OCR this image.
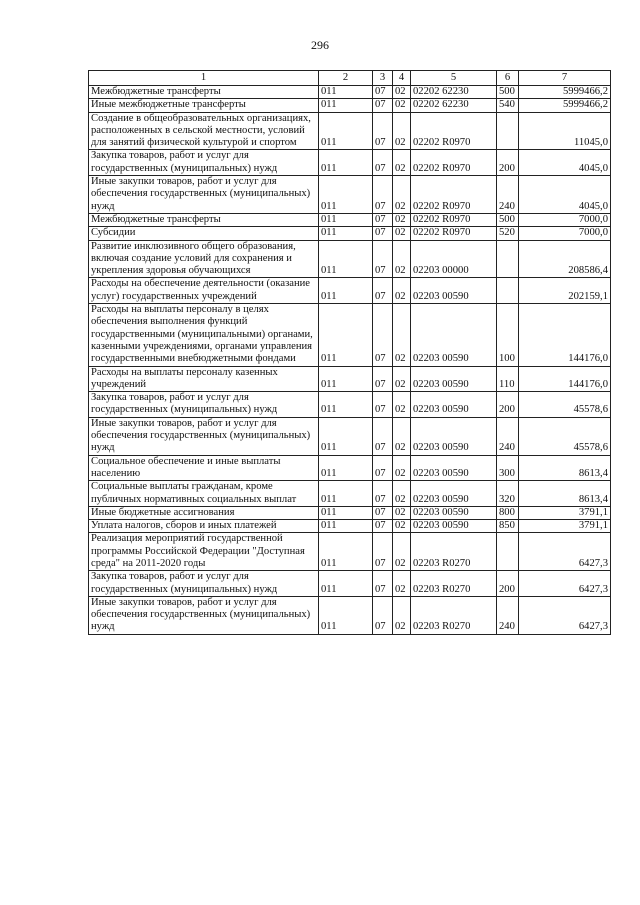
296
1	2	3	4	5	6	7
Межбюджетные трансферты	011	07	02	02202 62230	500	5999466,2
Иные межбюджетные трансферты	011	07	02	02202 62230	540	5999466,2
Создание в общеобразовательных организациях, расположенных в сельской местности, условий для занятий физической культурой и спортом	011	07	02	02202 R0970		11045,0
Закупка товаров, работ и услуг для государственных (муниципальных) нужд	011	07	02	02202 R0970	200	4045,0
Иные закупки товаров, работ и услуг для обеспечения государственных (муниципальных) нужд	011	07	02	02202 R0970	240	4045,0
Межбюджетные трансферты	011	07	02	02202 R0970	500	7000,0
Субсидии	011	07	02	02202 R0970	520	7000,0
Развитие инклюзивного общего образования, включая создание условий для сохранения и укрепления здоровья обучающихся	011	07	02	02203 00000		208586,4
Расходы на обеспечение деятельности (оказание услуг) государственных учреждений	011	07	02	02203 00590		202159,1
Расходы на выплаты персоналу в целях обеспечения выполнения функций государственными (муниципальными) органами, казенными учреждениями, органами управления государственными внебюджетными фондами	011	07	02	02203 00590	100	144176,0
Расходы на выплаты персоналу казенных учреждений	011	07	02	02203 00590	110	144176,0
Закупка товаров, работ и услуг для государственных (муниципальных) нужд	011	07	02	02203 00590	200	45578,6
Иные закупки товаров, работ и услуг для обеспечения государственных (муниципальных) нужд	011	07	02	02203 00590	240	45578,6
Социальное обеспечение и иные выплаты населению	011	07	02	02203 00590	300	8613,4
Социальные выплаты гражданам, кроме публичных нормативных социальных выплат	011	07	02	02203 00590	320	8613,4
Иные бюджетные ассигнования	011	07	02	02203 00590	800	3791,1
Уплата налогов, сборов и иных платежей	011	07	02	02203 00590	850	3791,1
Реализация мероприятий государственной программы Российской Федерации "Доступная среда" на 2011-2020 годы	011	07	02	02203 R0270		6427,3
Закупка товаров, работ и услуг для государственных (муниципальных) нужд	011	07	02	02203 R0270	200	6427,3
Иные закупки товаров, работ и услуг для обеспечения государственных (муниципальных) нужд	011	07	02	02203 R0270	240	6427,3
